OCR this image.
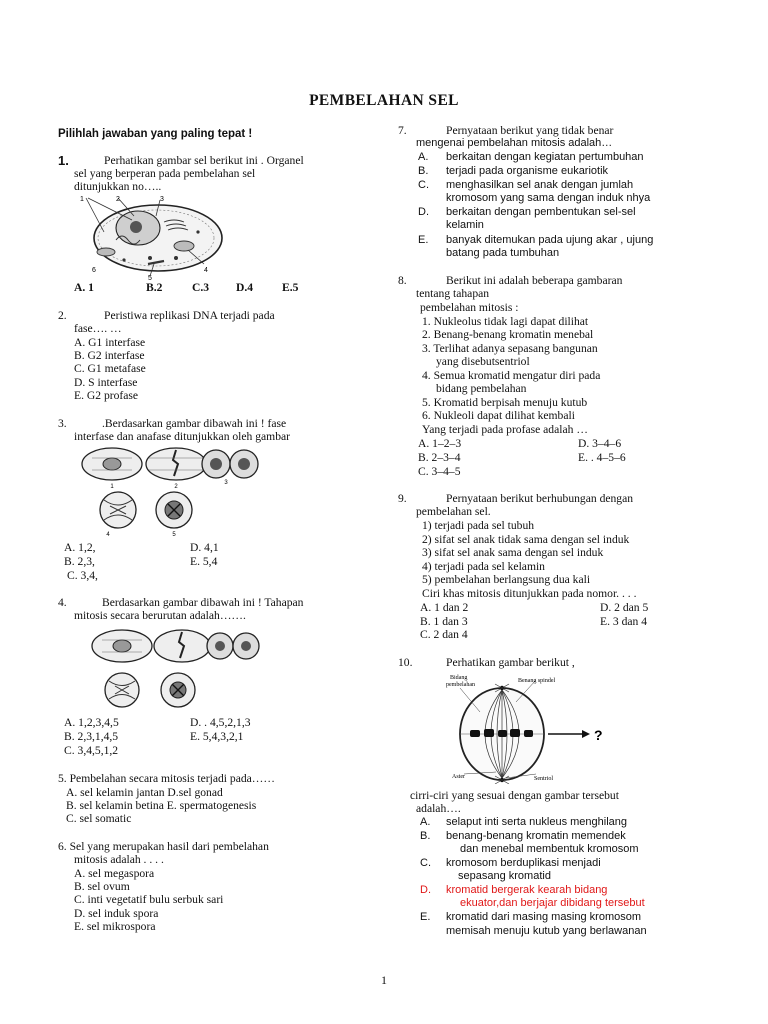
PEMBELAHAN SEL
Pilihlah jawaban yang paling tepat !
1.	Perhatikan gambar sel berikut ini . Organel
sel yang berperan pada pembelahan sel
ditunjukkan no…..
1	2	3
4
5
6
A. 1	B.2	C.3 D.4 E.5
2.	Peristiwa replikasi DNA terjadi pada
fase…. …
A. G1 interfase
B. G2 interfase
C. G1 metafase
D. S interfase
E. G2 profase
3.	.Berdasarkan gambar dibawah ini ! fase
interfase dan anafase ditunjukkan oleh gambar
1	2
3
4	5
A. 1,2,	D. 4,1
B. 2,3,	E. 5,4
C. 3,4,
4.	Berdasarkan gambar dibawah ini ! Tahapan
mitosis secara berurutan adalah…….
A. 1,2,3,4,5	D. . 4,5,2,1,3
B. 2,3,1,4,5	E. 5,4,3,2,1
C. 3,4,5,1,2
5. Pembelahan secara mitosis terjadi pada……
A. sel kelamin jantan D.sel gonad
B. sel kelamin betina E. spermatogenesis
C. sel somatic
6. Sel yang merupakan hasil dari pembelahan
mitosis adalah . . . .
A. sel megaspora
B. sel ovum
C. inti vegetatif bulu serbuk sari
D. sel induk spora
E. sel mikrospora
7.	Pernyataan berikut yang tidak benar
mengenai pembelahan mitosis adalah…
A. berkaitan dengan kegiatan pertumbuhan
B. terjadi pada organisme eukariotik
C. menghasilkan sel anak dengan jumlah
kromosom yang sama dengan induk nhya
D. berkaitan dengan pembentukan sel-sel
kelamin
E. banyak ditemukan pada ujung akar , ujung
batang pada tumbuhan
8.	Berikut ini adalah beberapa gambaran
tentang tahapan
pembelahan mitosis :
1. Nukleolus tidak lagi dapat dilihat
2. Benang-benang kromatin menebal
3. Terlihat adanya sepasang bangunan
yang disebutsentriol
4. Semua kromatid mengatur diri pada
bidang pembelahan
5. Kromatid berpisah menuju kutub
6. Nukleoli dapat dilihat kembali
Yang terjadi pada profase adalah …
A. 1–2–3	D. 3–4–6
B. 2–3–4	E. . 4–5–6
C. 3–4–5
9.	Pernyataan berikut berhubungan dengan
pembelahan sel.
1) terjadi pada sel tubuh
2) sifat sel anak tidak sama dengan sel induk
3) sifat sel anak sama dengan sel induk
4) terjadi pada sel kelamin
5) pembelahan berlangsung dua kali
Ciri khas mitosis ditunjukkan pada nomor. . . .
A. 1 dan 2	D. 2 dan 5
B. 1 dan 3	E. 3 dan 4
C. 2 dan 4
10.	Perhatikan gambar berikut ,
Bidang
pembelahan
Benang spindel
Aster	Sentriol
?
cirri-ciri yang sesuai dengan gambar tersebut
adalah….
A. selaput inti serta nukleus menghilang
B. benang-benang kromatin memendek
dan menebal membentuk kromosom
C. kromosom berduplikasi menjadi
sepasang kromatid
D. kromatid bergerak kearah bidang
ekuator,dan berjajar dibidang tersebut
E. kromatid dari masing masing kromosom
memisah menuju kutub yang berlawanan
1
